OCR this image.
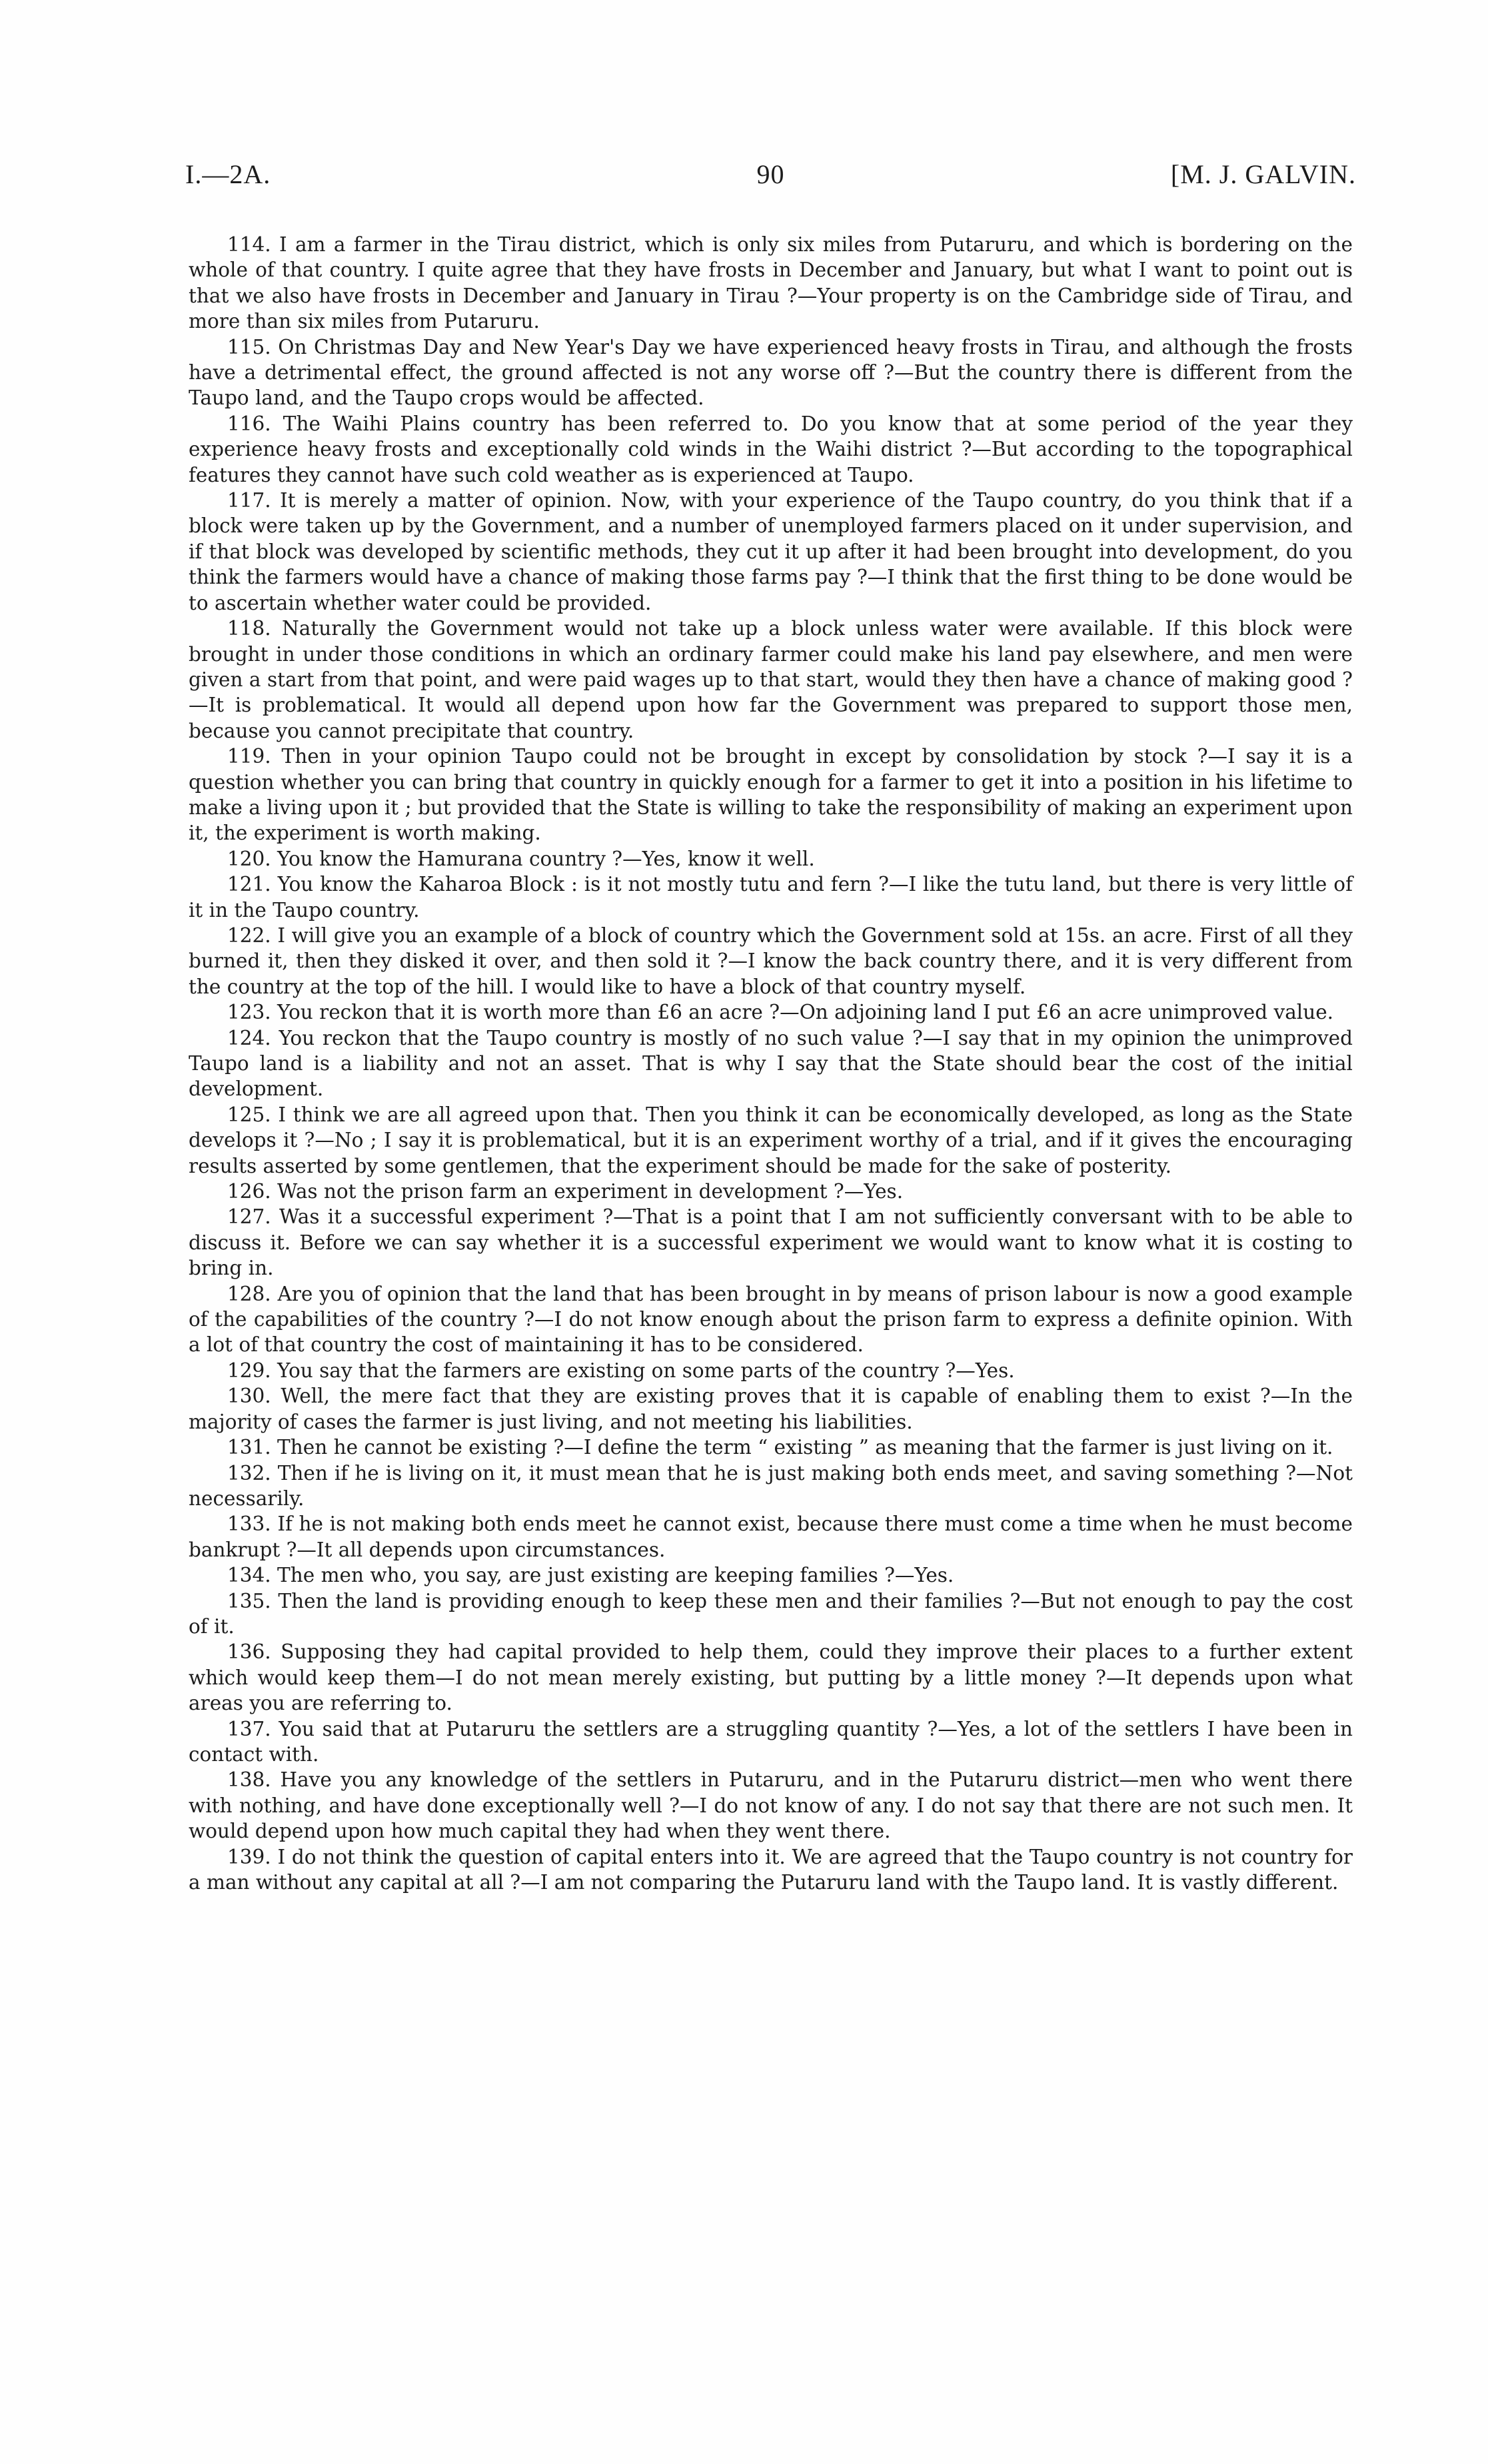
I.—2A.	90	[M. J. GALVIN.

114. I am a farmer in the Tirau district, which is only six miles from Putaruru, and which is bordering on the whole of that country. I quite agree that they have frosts in December and January, but what I want to point out is that we also have frosts in December and January in Tirau ?—Your property is on the Cambridge side of Tirau, and more than six miles from Putaruru.

115. On Christmas Day and New Year's Day we have experienced heavy frosts in Tirau, and although the frosts have a detrimental effect, the ground affected is not any worse off ?—But the country there is different from the Taupo land, and the Taupo crops would be affected.

116. The Waihi Plains country has been referred to. Do you know that at some period of the year they experience heavy frosts and exceptionally cold winds in the Waihi district ?—But according to the topographical features they cannot have such cold weather as is experienced at Taupo.

117. It is merely a matter of opinion. Now, with your experience of the Taupo country, do you think that if a block were taken up by the Government, and a number of unemployed farmers placed on it under supervision, and if that block was developed by scientific methods, they cut it up after it had been brought into development, do you think the farmers would have a chance of making those farms pay ?—I think that the first thing to be done would be to ascertain whether water could be provided.

118. Naturally the Government would not take up a block unless water were available. If this block were brought in under those conditions in which an ordinary farmer could make his land pay elsewhere, and men were given a start from that point, and were paid wages up to that start, would they then have a chance of making good ?—It is problematical. It would all depend upon how far the Government was prepared to support those men, because you cannot precipitate that country.

119. Then in your opinion Taupo could not be brought in except by consolidation by stock ?—I say it is a question whether you can bring that country in quickly enough for a farmer to get it into a position in his lifetime to make a living upon it ; but provided that the State is willing to take the responsibility of making an experiment upon it, the experiment is worth making.

120. You know the Hamurana country ?—Yes, know it well.

121. You know the Kaharoa Block : is it not mostly tutu and fern ?—I like the tutu land, but there is very little of it in the Taupo country.

122. I will give you an example of a block of country which the Government sold at 15s. an acre. First of all they burned it, then they disked it over, and then sold it ?—I know the back country there, and it is very different from the country at the top of the hill. I would like to have a block of that country myself.

123. You reckon that it is worth more than £6 an acre ?—On adjoining land I put £6 an acre unimproved value.

124. You reckon that the Taupo country is mostly of no such value ?—I say that in my opinion the unimproved Taupo land is a liability and not an asset. That is why I say that the State should bear the cost of the initial development.

125. I think we are all agreed upon that. Then you think it can be economically developed, as long as the State develops it ?—No ; I say it is problematical, but it is an experiment worthy of a trial, and if it gives the encouraging results asserted by some gentlemen, that the experiment should be made for the sake of posterity.

126. Was not the prison farm an experiment in development ?—Yes.

127. Was it a successful experiment ?—That is a point that I am not sufficiently conversant with to be able to discuss it. Before we can say whether it is a successful experiment we would want to know what it is costing to bring in.

128. Are you of opinion that the land that has been brought in by means of prison labour is now a good example of the capabilities of the country ?—I do not know enough about the prison farm to express a definite opinion. With a lot of that country the cost of maintaining it has to be considered.

129. You say that the farmers are existing on some parts of the country ?—Yes.

130. Well, the mere fact that they are existing proves that it is capable of enabling them to exist ?—In the majority of cases the farmer is just living, and not meeting his liabilities.

131. Then he cannot be existing ?—I define the term “ existing ” as meaning that the farmer is just living on it.

132. Then if he is living on it, it must mean that he is just making both ends meet, and saving something ?—Not necessarily.

133. If he is not making both ends meet he cannot exist, because there must come a time when he must become bankrupt ?—It all depends upon circumstances.

134. The men who, you say, are just existing are keeping families ?—Yes.

135. Then the land is providing enough to keep these men and their families ?—But not enough to pay the cost of it.

136. Supposing they had capital provided to help them, could they improve their places to a further extent which would keep them—I do not mean merely existing, but putting by a little money ?—It depends upon what areas you are referring to.

137. You said that at Putaruru the settlers are a struggling quantity ?—Yes, a lot of the settlers I have been in contact with.

138. Have you any knowledge of the settlers in Putaruru, and in the Putaruru district—men who went there with nothing, and have done exceptionally well ?—I do not know of any. I do not say that there are not such men. It would depend upon how much capital they had when they went there.

139. I do not think the question of capital enters into it. We are agreed that the Taupo country is not country for a man without any capital at all ?—I am not comparing the Putaruru land with the Taupo land. It is vastly different.
